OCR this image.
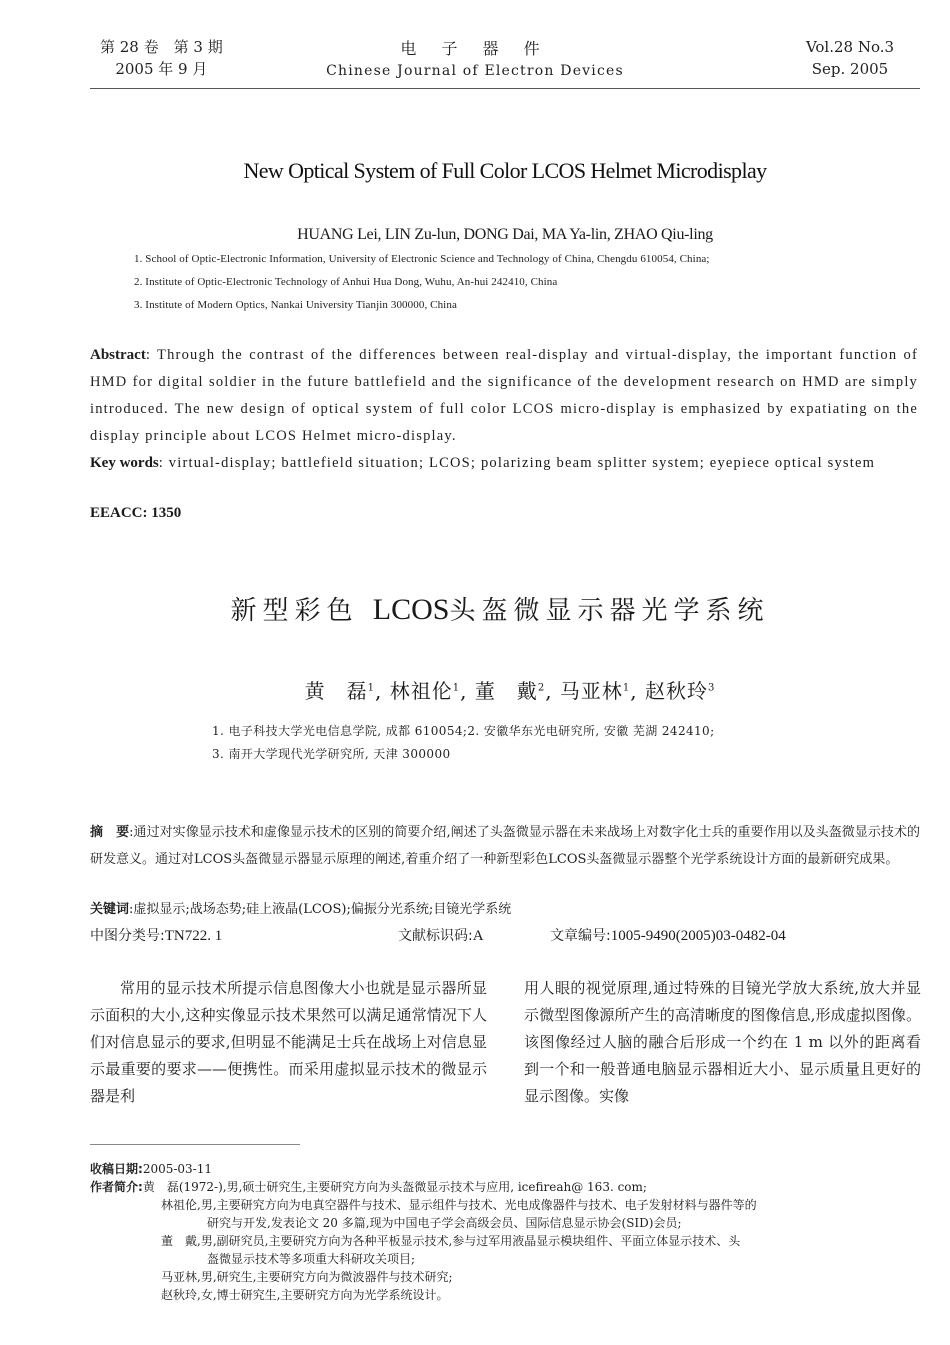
第 28 卷　第 3 期
2005 年 9 月
电 子 器 件
Chinese Journal of Electron Devices
Vol.28 No.3
Sep. 2005
New Optical System of Full Color LCOS Helmet Microdisplay
HUANG Lei, LIN Zu-lun, DONG Dai, MA Ya-lin, ZHAO Qiu-ling
1. School of Optic-Electronic Information, University of Electronic Science and Technology of China, Chengdu 610054, China;
2. Institute of Optic-Electronic Technology of Anhui Hua Dong, Wuhu, An-hui 242410, China
3. Institute of Modern Optics, Nankai University Tianjin 300000, China
Abstract: Through the contrast of the differences between real-display and virtual-display, the important function of HMD for digital soldier in the future battlefield and the significance of the development research on HMD are simply introduced. The new design of optical system of full color LCOS micro-display is emphasized by expatiating on the display principle about LCOS Helmet micro-display.
Key words: virtual-display; battlefield situation; LCOS; polarizing beam splitter system; eyepiece optical system
EEACC: 1350
新型彩色 LCOS头盔微显示器光学系统
黄　磊$^1$, 林祖伦$^1$, 董　戴$^2$, 马亚林$^1$, 赵秋玲$^3$
1. 电子科技大学光电信息学院, 成都 610054;2. 安徽华东光电研究所, 安徽 芜湖 242410;
3. 南开大学现代光学研究所, 天津 300000
摘　要:通过对实像显示技术和虚像显示技术的区别的简要介绍,阐述了头盔微显示器在未来战场上对数字化士兵的重要作用以及头盔微显示技术的研发意义。通过对LCOS头盔微显示器显示原理的阐述,着重介绍了一种新型彩色LCOS头盔微显示器整个光学系统设计方面的最新研究成果。
关键词:虚拟显示;战场态势;硅上液晶(LCOS);偏振分光系统;目镜光学系统
中图分类号:TN722. 1	文献标识码:A	文章编号:1005-9490(2005)03-0482-04
常用的显示技术所提示信息图像大小也就是显示器所显示面积的大小,这种实像显示技术果然可以满足通常情况下人们对信息显示的要求,但明显不能满足士兵在战场上对信息显示最重要的要求——便携性。而采用虚拟显示技术的微显示器是利
用人眼的视觉原理,通过特殊的目镜光学放大系统,放大并显示微型图像源所产生的高清晰度的图像信息,形成虚拟图像。该图像经过人脑的融合后形成一个约在 1 m 以外的距离看到一个和一般普通电脑显示器相近大小、显示质量且更好的显示图像。实像
收稿日期: 2005-03-11
作者简介: 黄　磊(1972-),男,硕士研究生,主要研究方向为头盔微显示技术与应用, icefireah@ 163. com;
林祖伦,男,主要研究方向为电真空器件与技术、显示组件与技术、光电成像器件与技术、电子发射材料与器件等的
研究与开发,发表论文 20 多篇,现为中国电子学会高级会员、国际信息显示协会(SID)会员;
董　戴,男,副研究员,主要研究方向为各种平板显示技术,参与过军用液晶显示模块组件、平面立体显示技术、头
盔微显示技术等多项重大科研攻关项目;
马亚林,男,研究生,主要研究方向为微波器件与技术研究;
赵秋玲,女,博士研究生,主要研究方向为光学系统设计。
